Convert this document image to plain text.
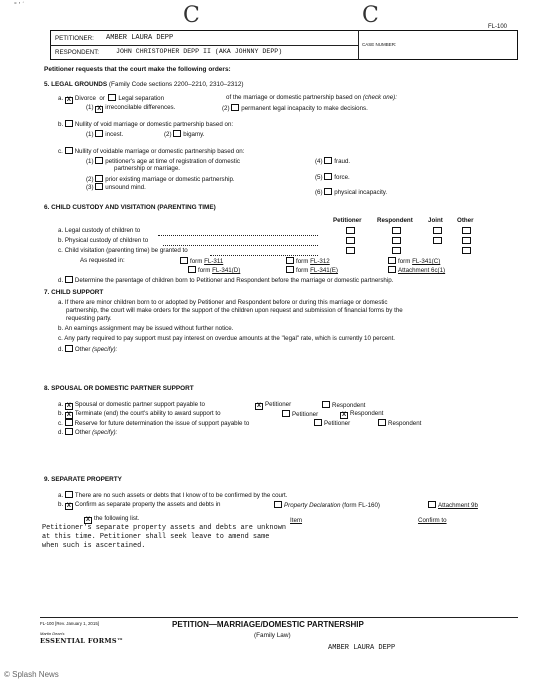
° ′ ʿ	C	C	FL-100
PETITIONER: AMBER LAURA DEPP
RESPONDENT:	JOHN CHRISTOPHER DEPP II (AKA JOHNNY DEPP)
CASE NUMBER:
Petitioner requests that the court make the following orders:
5. LEGAL GROUNDS (Family Code sections 2200–2210, 2310–2312)
a. X Divorce or Legal separation	of the marriage or domestic partnership based on (check one):
(1) X irreconcilable differences.	(2) permanent legal incapacity to make decisions.
b. Nullity of void marriage or domestic partnership based on:
(1) incest.	(2) bigamy.
c. Nullity of voidable marriage or domestic partnership based on:
(1) petitioner's age at time of registration of domestic
partnership or marriage.
(2) prior existing marriage or domestic partnership.
(3) unsound mind.
(4) fraud.
(5) force.
(6) physical incapacity.
6. CHILD CUSTODY AND VISITATION (PARENTING TIME)
Petitioner Respondent Joint Other
a. Legal custody of children to
b. Physical custody of children to
c. Child visitation (parenting time) be granted to
As requested in:	form FL-311	form FL-312	form FL-341(C)
form FL-341(D)	form FL-341(E)	Attachment 6c(1)
d. Determine the parentage of children born to Petitioner and Respondent before the marriage or domestic partnership.
7. CHILD SUPPORT
a. If there are minor children born to or adopted by Petitioner and Respondent before or during this marriage or domestic
partnership, the court will make orders for the support of the children upon request and submission of financial forms by the
requesting party.
b. An earnings assignment may be issued without further notice.
c. Any party required to pay support must pay interest on overdue amounts at the "legal" rate, which is currently 10 percent.
d. Other (specify):
8. SPOUSAL OR DOMESTIC PARTNER SUPPORT
a. X Spousal or domestic partner support payable to X	Petitioner	Respondent
b. X Terminate (end) the court's ability to award support to	Petitioner X	Respondent
c. Reserve for future determination the issue of support payable to	Petitioner	Respondent
d. Other (specify):
9. SEPARATE PROPERTY
a. There are no such assets or debts that I know of to be confirmed by the court.
b. X Confirm as separate property the assets and debts in	Property Declaration (form FL-160)	Attachment 9b
Xthe following list.	Item	Confirm to
Petitioner's separate property assets and debts are unknown
at this time. Petitioner shall seek leave to amend same
when such is ascertained.
FL-100 [Rev. January 1, 2015]
Martin Dean's
ESSENTIAL FORMS™
PETITION—MARRIAGE/DOMESTIC PARTNERSHIP
(Family Law)
AMBER LAURA DEPP
© Splash News
